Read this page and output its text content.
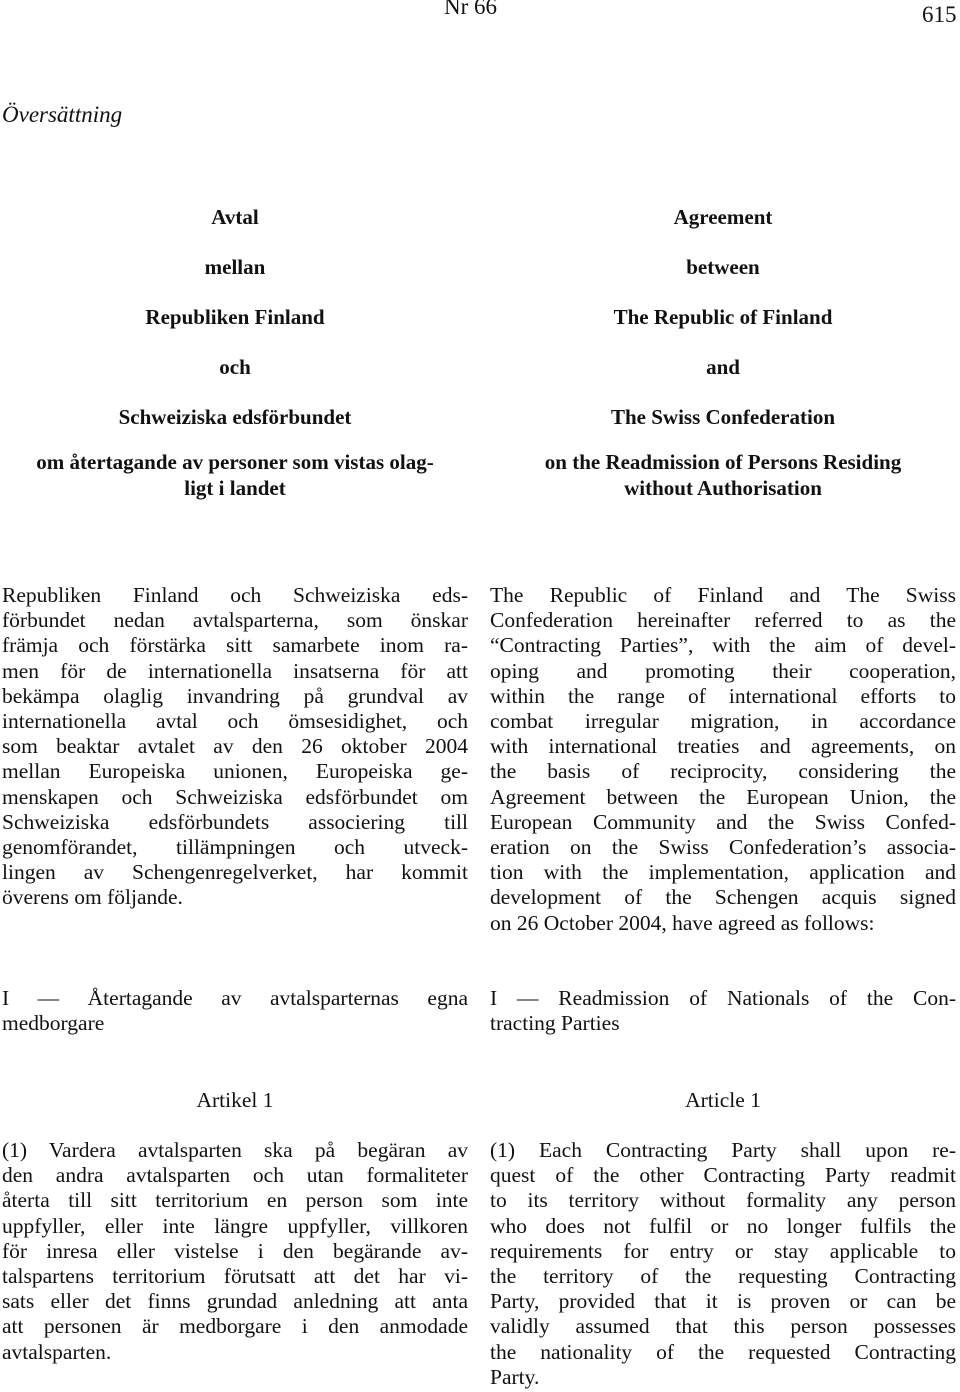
Nr 66	615
Översättning

Avtal

mellan

Republiken Finland

och

Schweiziska edsförbundet

om återtagande av personer som vistas olag-

ligt i landet

Agreement

between

The Republic of Finland

and

The Swiss Confederation

on the Readmission of Persons Residing

without Authorisation

Republiken Finland och Schweiziska eds-
förbundet nedan avtalsparterna, som önskar
främja och förstärka sitt samarbete inom ra-
men för de internationella insatserna för att
bekämpa olaglig invandring på grundval av
internationella avtal och ömsesidighet, och
som beaktar avtalet av den 26 oktober 2004
mellan Europeiska unionen, Europeiska ge-
menskapen och Schweiziska edsförbundet om
Schweiziska edsförbundets associering till
genomförandet, tillämpningen och utveck-
lingen av Schengenregelverket, har kommit
överens om följande.
The Republic of Finland and The Swiss
Confederation hereinafter referred to as the
“Contracting Parties”, with the aim of devel-
oping and promoting their cooperation,
within the range of international efforts to
combat irregular migration, in accordance
with international treaties and agreements, on
the basis of reciprocity, considering the
Agreement between the European Union, the
European Community and the Swiss Confed-
eration on the Swiss Confederation’s associa-
tion with the implementation, application and
development of the Schengen acquis signed
on 26 October 2004, have agreed as follows:
I — Återtagande av avtalsparternas egna
medborgare
I — Readmission of Nationals of the Con-
tracting Parties
Artikel 1	Article 1
(1) Vardera avtalsparten ska på begäran av
den andra avtalsparten och utan formaliteter
återta till sitt territorium en person som inte
uppfyller, eller inte längre uppfyller, villkoren
för inresa eller vistelse i den begärande av-
talspartens territorium förutsatt att det har vi-
sats eller det finns grundad anledning att anta
att personen är medborgare i den anmodade
avtalsparten.
(1) Each Contracting Party shall upon re-
quest of the other Contracting Party readmit
to its territory without formality any person
who does not fulfil or no longer fulfils the
requirements for entry or stay applicable to
the territory of the requesting Contracting
Party, provided that it is proven or can be
validly assumed that this person possesses
the nationality of the requested Contracting
Party.
